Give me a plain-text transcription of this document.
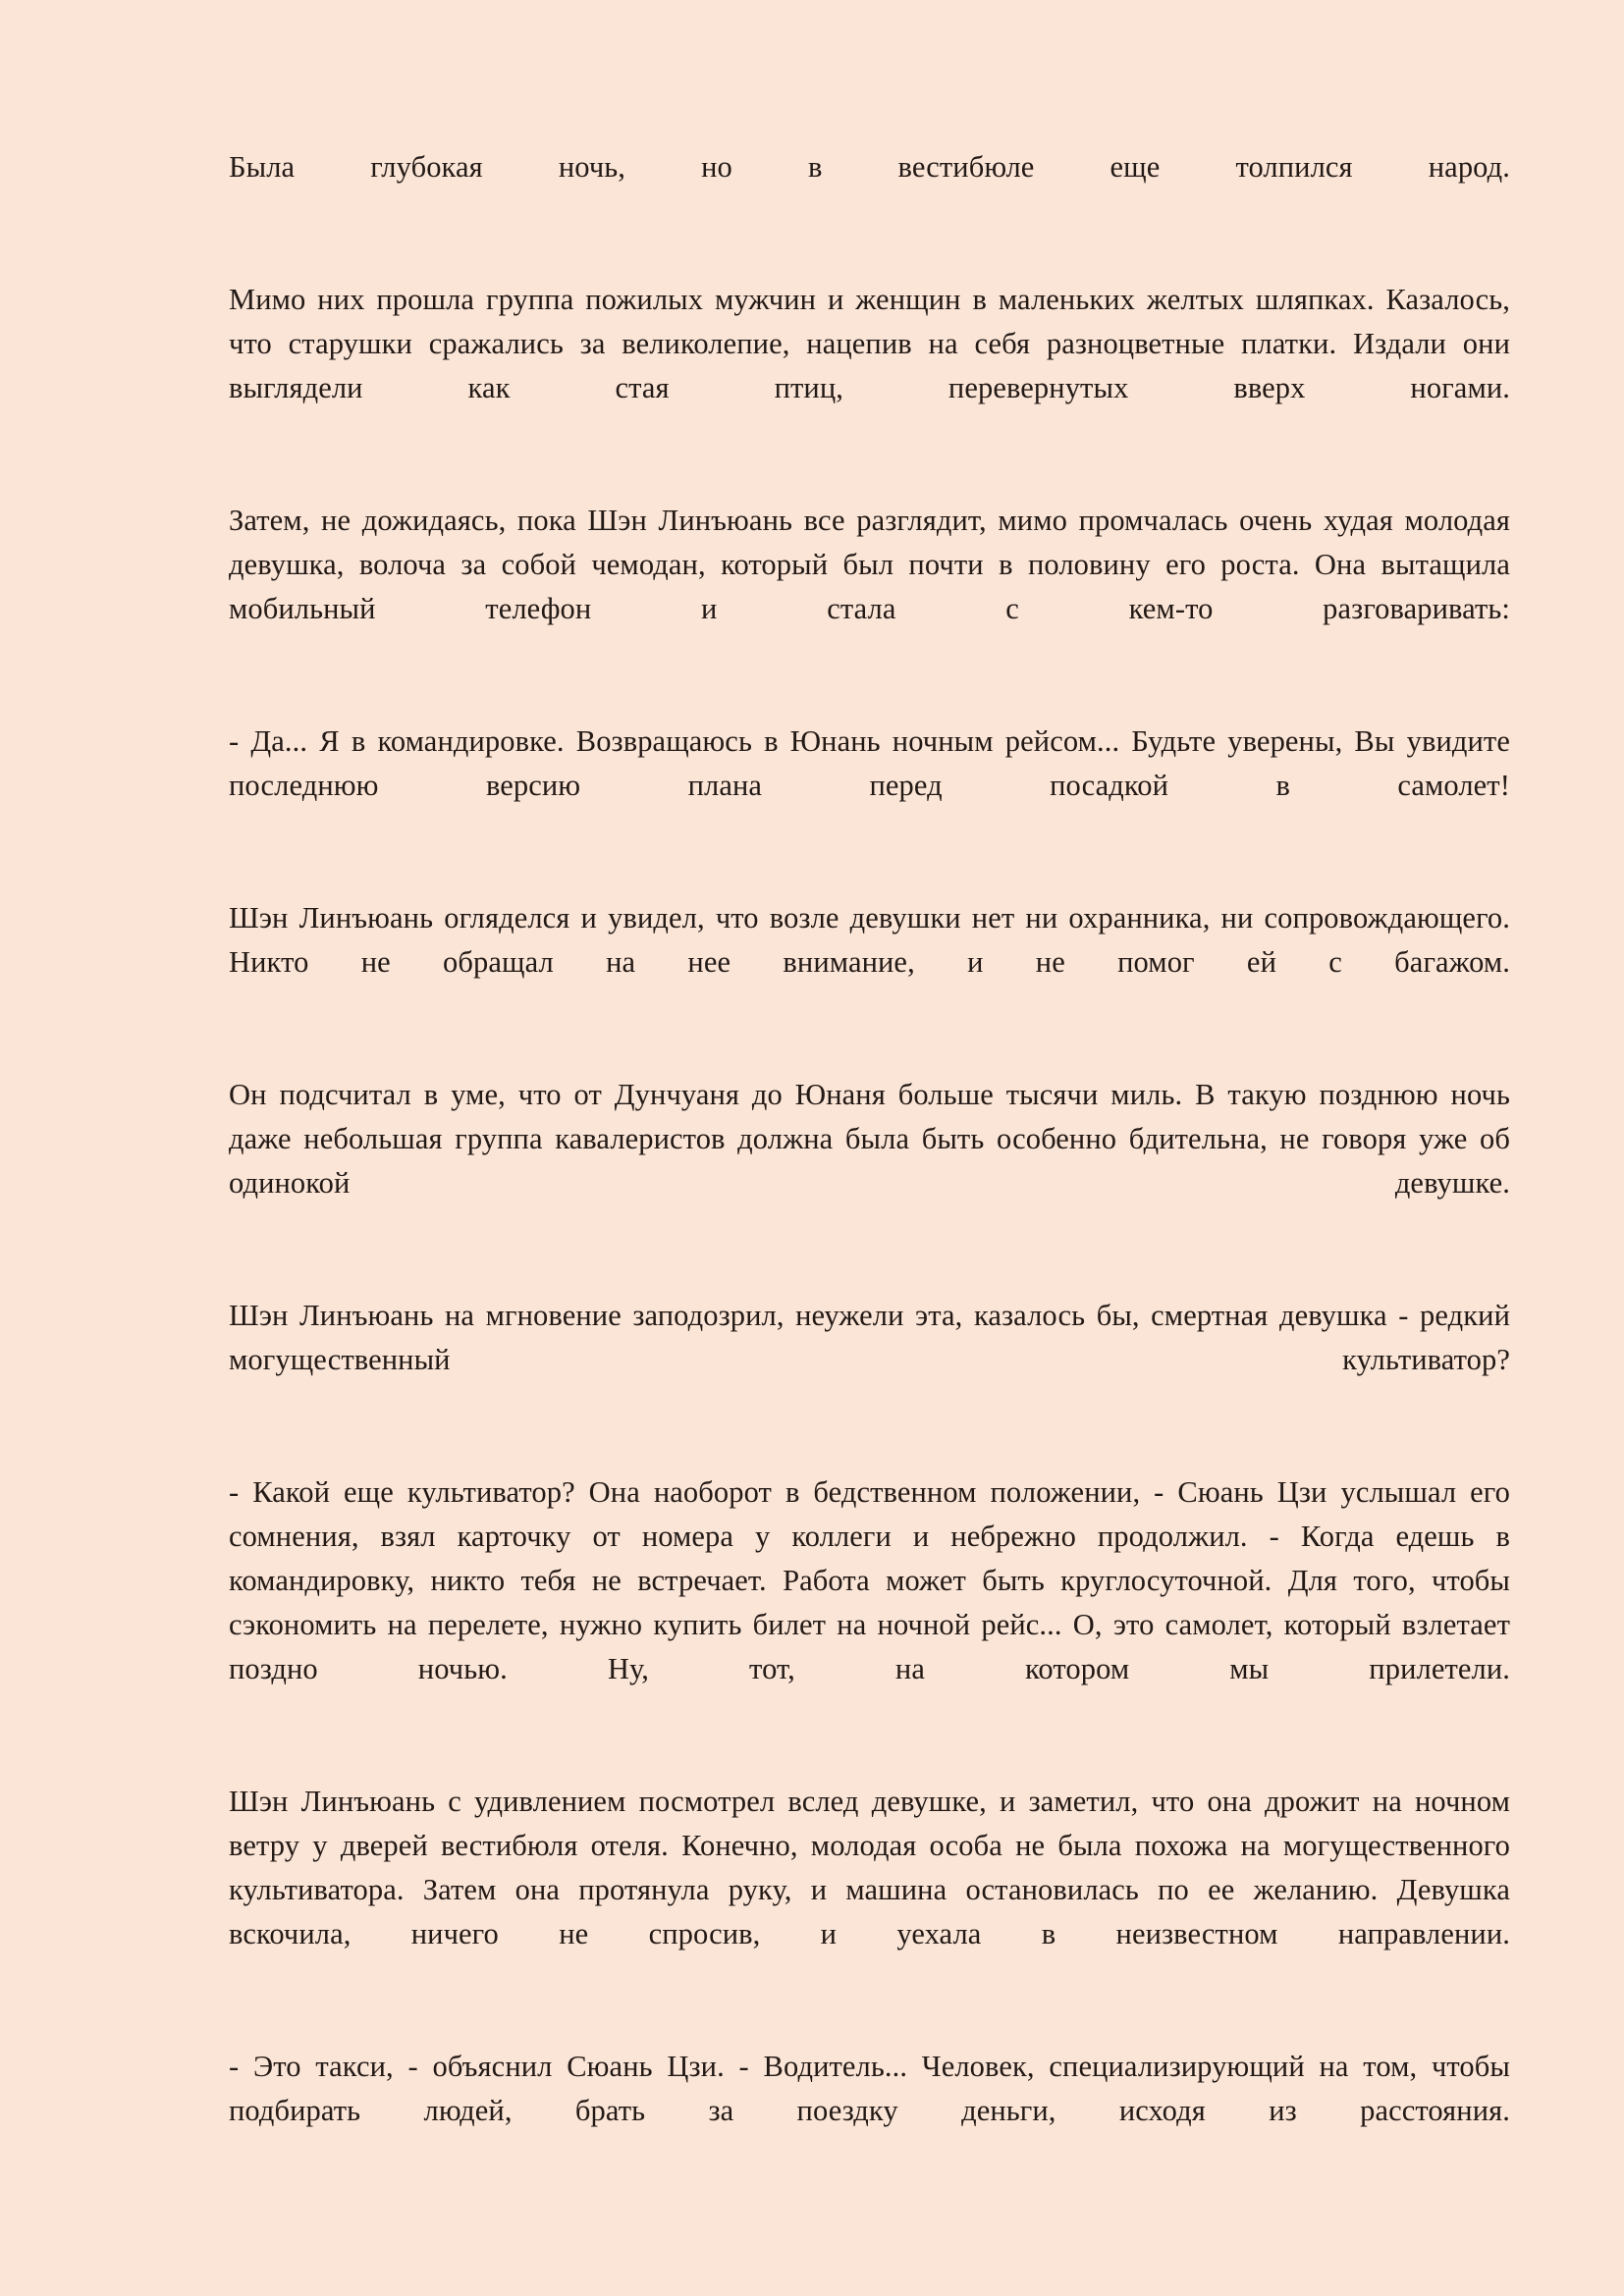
Была глубокая ночь, но в вестибюле еще толпился народ.

Мимо них прошла группа пожилых мужчин и женщин в маленьких желтых шляпках. Казалось, что старушки сражались за великолепие, нацепив на себя разноцветные платки. Издали они выглядели как стая птиц, перевернутых вверх ногами.

Затем, не дожидаясь, пока Шэн Линъюань все разглядит, мимо промчалась очень худая молодая девушка, волоча за собой чемодан, который был почти в половину его роста. Она вытащила мобильный телефон и стала с кем-то разговаривать:

- Да... Я в командировке. Возвращаюсь в Юнань ночным рейсом... Будьте уверены, Вы увидите последнюю версию плана перед посадкой в самолет!

Шэн Линъюань огляделся и увидел, что возле девушки нет ни охранника, ни сопровождающего. Никто не обращал на нее внимание, и не помог ей с багажом.

Он подсчитал в уме, что от Дунчуаня до Юнаня больше тысячи миль. В такую позднюю ночь даже небольшая группа кавалеристов должна была быть особенно бдительна, не говоря уже об одинокой девушке.

Шэн Линъюань на мгновение заподозрил, неужели эта, казалось бы, смертная девушка - редкий могущественный культиватор?

- Какой еще культиватор? Она наоборот в бедственном положении, - Сюань Цзи услышал его сомнения, взял карточку от номера у коллеги и небрежно продолжил. - Когда едешь в командировку, никто тебя не встречает. Работа может быть круглосуточной. Для того, чтобы сэкономить на перелете, нужно купить билет на ночной рейс... О, это самолет, который взлетает поздно ночью. Ну, тот, на котором мы прилетели.

Шэн Линъюань с удивлением посмотрел вслед девушке, и заметил, что она дрожит на ночном ветру у дверей вестибюля отеля. Конечно, молодая особа не была похожа на могущественного культиватора. Затем она протянула руку, и машина остановилась по ее желанию. Девушка вскочила, ничего не спросив, и уехала в неизвестном направлении.

- Это такси, - объяснил Сюань Цзи. - Водитель... Человек, специализирующий на том, чтобы подбирать людей, брать за поездку деньги, исходя из расстояния.
